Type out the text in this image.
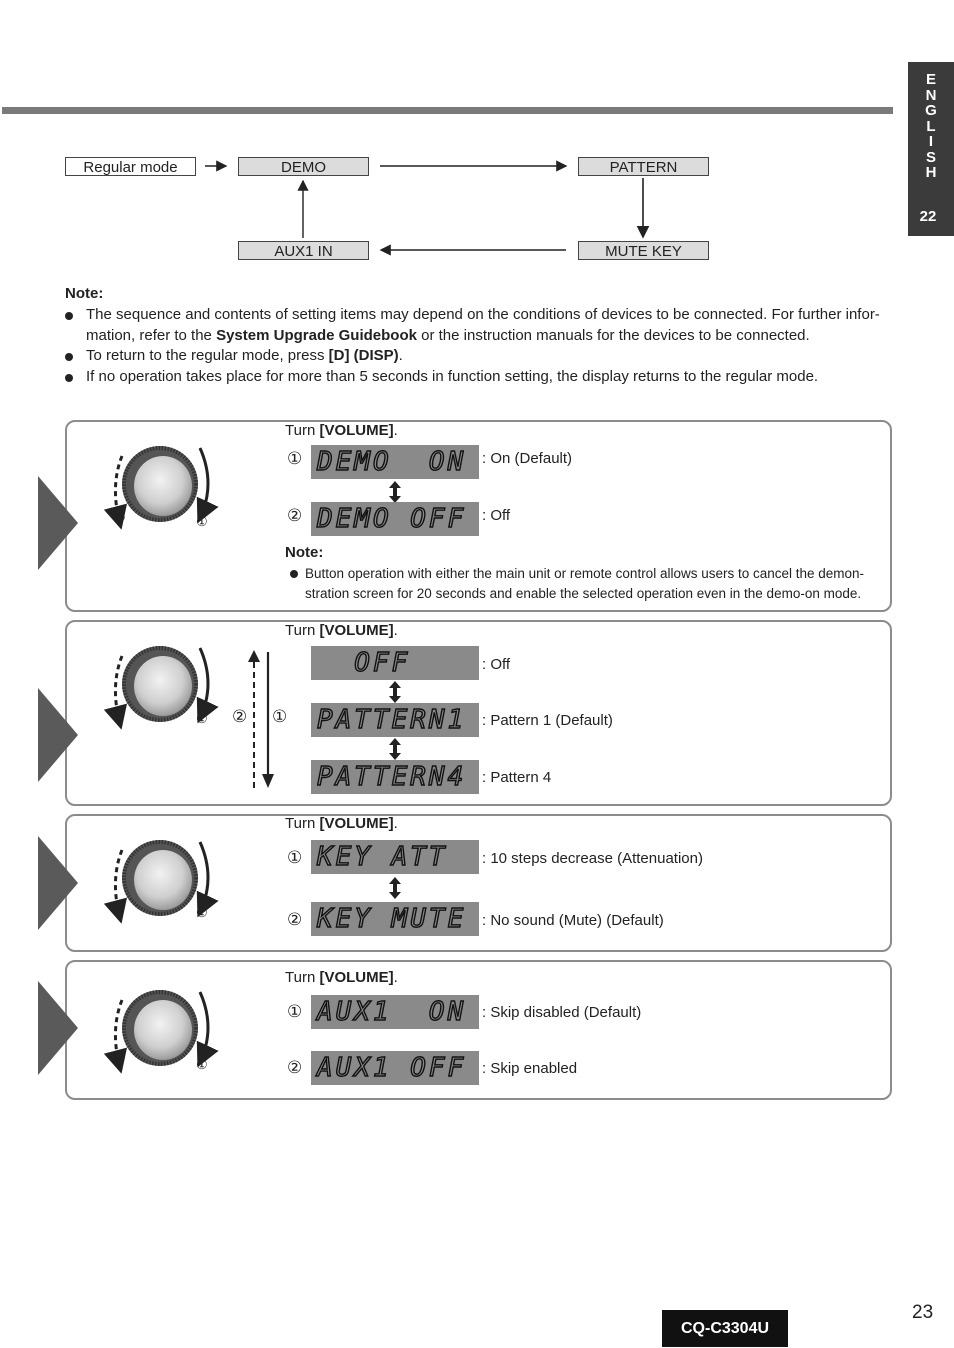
E
N
G
L
I
S
H
22
Regular mode	DEMO	PATTERN
AUX1 IN	MUTE KEY
Note:
The sequence and contents of setting items may depend on the conditions of devices to be connected. For further infor-
mation, refer to the System Upgrade Guidebook or the instruction manuals for the devices to be connected.
To return to the regular mode, press [D] (DISP).
If no operation takes place for more than 5 seconds in function setting, the display returns to the regular mode.
②	①
Turn [VOLUME].
① DEMO  ON : On (Default)
② DEMO OFF : Off
Note:
Button operation with either the main unit or remote control allows users to cancel the demon-
stration screen for 20 seconds and enable the selected operation even in the demo-on mode.
②	① ② ①
Turn [VOLUME].
OFF	: Off
PATTERN1 : Pattern 1 (Default)
PATTERN4 : Pattern 4
②	①
Turn [VOLUME].
① KEY ATT : 10 steps decrease (Attenuation)
② KEY MUTE : No sound (Mute) (Default)
②	①
Turn [VOLUME].
① AUX1  ON : Skip disabled (Default)
② AUX1 OFF : Skip enabled
CQ-C3304U
23
